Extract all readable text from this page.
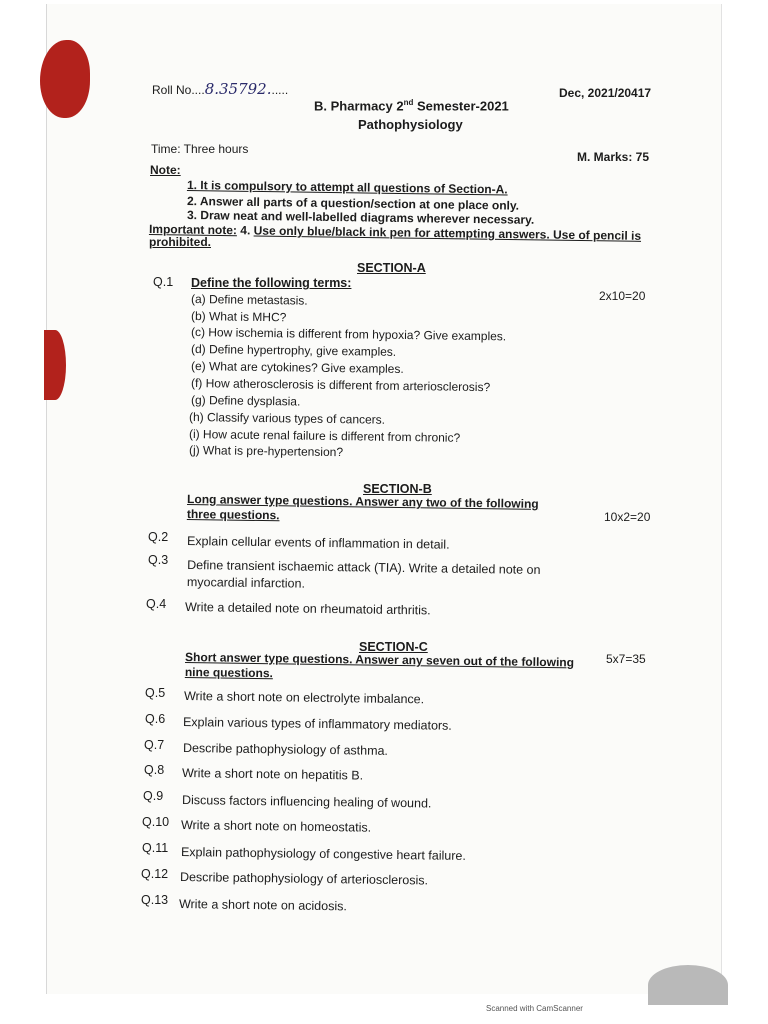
Roll No....8.35792......	Dec, 2021/20417
B. Pharmacy 2nd Semester-2021
Pathophysiology
Time: Three hours
M. Marks: 75
Note:
1. It is compulsory to attempt all questions of Section-A.
2. Answer all parts of a question/section at one place only.
3. Draw neat and well-labelled diagrams wherever necessary.
Important note: 4. Use only blue/black ink pen for attempting answers. Use of pencil is
prohibited.
SECTION-A
Q.1 Define the following terms:
2x10=20
(a) Define metastasis.
(b) What is MHC?
(c) How ischemia is different from hypoxia? Give examples.
(d) Define hypertrophy, give examples.
(e) What are cytokines? Give examples.
(f) How atherosclerosis is different from arteriosclerosis?
(g) Define dysplasia.
(h) Classify various types of cancers.
(i) How acute renal failure is different from chronic?
(j) What is pre-hypertension?
SECTION-B
Long answer type questions. Answer any two of the following three questions.	10x2=20
Q.2 Explain cellular events of inflammation in detail.
Q.3 Define transient ischaemic attack (TIA). Write a detailed note on myocardial infarction.
Q.4 Write a detailed note on rheumatoid arthritis.
SECTION-C
Short answer type questions. Answer any seven out of the following nine questions.
5x7=35
Q.5 Write a short note on electrolyte imbalance.
Q.6 Explain various types of inflammatory mediators.
Q.7 Describe pathophysiology of asthma.
Q.8 Write a short note on hepatitis B.
Q.9 Discuss factors influencing healing of wound.
Q.10 Write a short note on homeostatis.
Q.11 Explain pathophysiology of congestive heart failure.
Q.12 Describe pathophysiology of arteriosclerosis.
Q.13 Write a short note on acidosis.
Scanned with CamScanner
